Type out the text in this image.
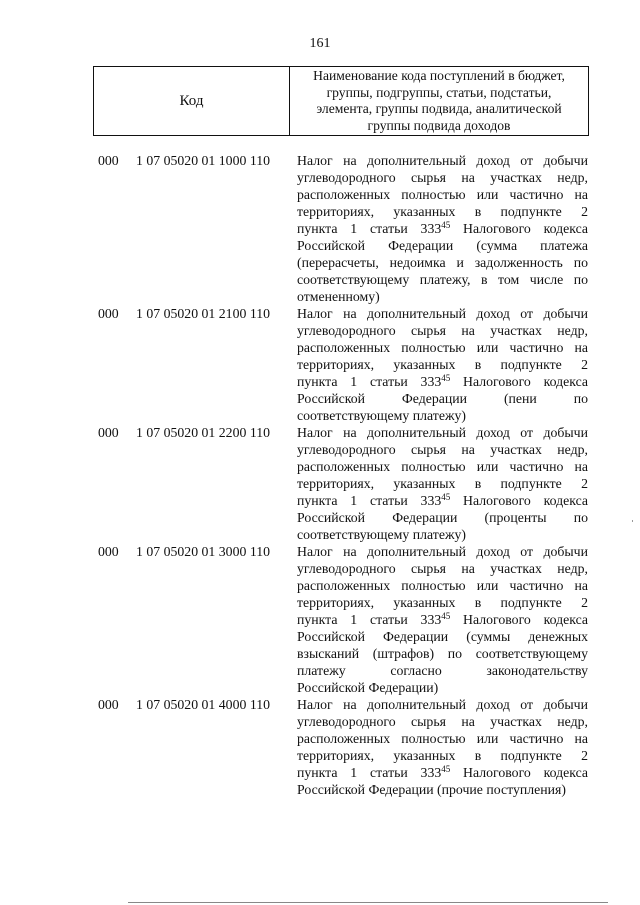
161
Код
Наименование кода поступлений в бюджет,
группы, подгруппы, статьи, подстатьи,
элемента, группы подвида, аналитической
группы подвида доходов
000	1 07 05020 01 1000 110	Налог на дополнительный доход от добычи
углеводородного сырья на участках недр,
расположенных полностью или частично на
территориях, указанных в подпункте 2
пункта 1 статьи $333^{45}$ Налогового кодекса
Российской Федерации (сумма платежа
(перерасчеты, недоимка и задолженность по
соответствующему платежу, в том числе по
отмененному)
000	1 07 05020 01 2100 110	Налог на дополнительный доход от добычи
углеводородного сырья на участках недр,
расположенных полностью или частично на
территориях, указанных в подпункте 2
пункта 1 статьи $333^{45}$ Налогового кодекса
Российской Федерации (пени по
соответствующему платежу)
000	1 07 05020 01 2200 110	Налог на дополнительный доход от добычи
углеводородного сырья на участках недр,
расположенных полностью или частично на
территориях, указанных в подпункте 2
пункта 1 статьи $333^{45}$ Налогового кодекса
Российской Федерации (проценты по
соответствующему платежу)
000	1 07 05020 01 3000 110	Налог на дополнительный доход от добычи
углеводородного сырья на участках недр,
расположенных полностью или частично на
территориях, указанных в подпункте 2
пункта 1 статьи $333^{45}$ Налогового кодекса
Российской Федерации (суммы денежных
взысканий (штрафов) по соответствующему
платежу согласно законодательству
Российской Федерации)
000	1 07 05020 01 4000 110	Налог на дополнительный доход от добычи
углеводородного сырья на участках недр,
расположенных полностью или частично на
территориях, указанных в подпункте 2
пункта 1 статьи $333^{45}$ Налогового кодекса
Российской Федерации (прочие поступления)
